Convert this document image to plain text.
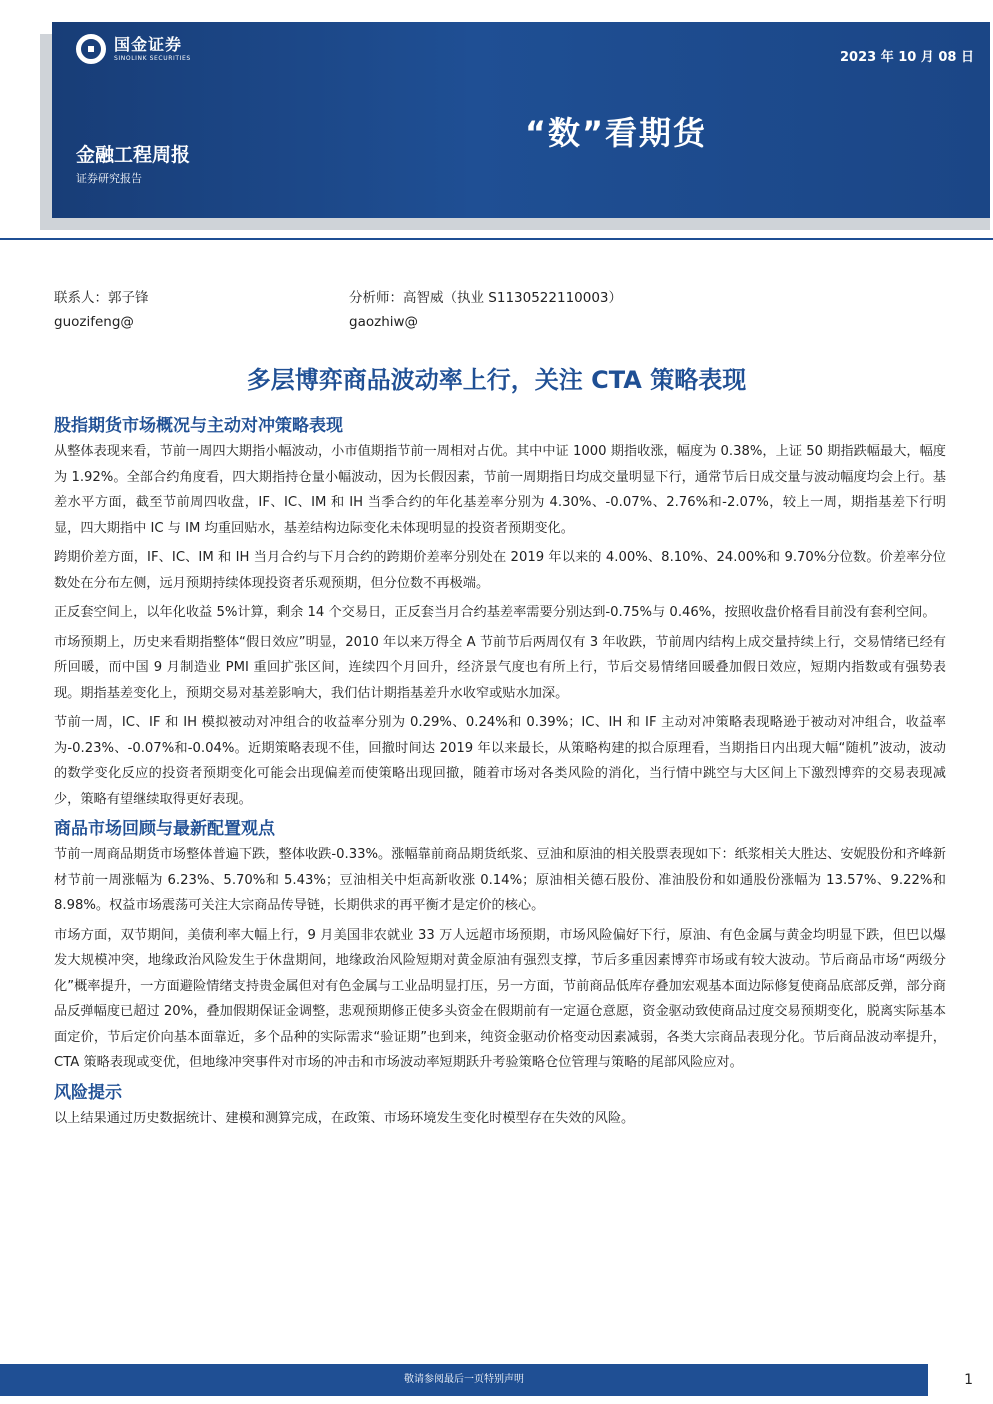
国金证券
SINOLINK SECURITIES	2023 年 10 月 08 日
“数”看期货
金融工程周报
证券研究报告
联系人：郭子锋
guozifeng@
分析师：高智威（执业 S1130522110003）
gaozhiw@
多层博弈商品波动率上行，关注 CTA 策略表现
股指期货市场概况与主动对冲策略表现

从整体表现来看，节前一周四大期指小幅波动，小市值期指节前一周相对占优。其中中证 1000 期指收涨，幅度为 0.38%，上证 50 期指跌幅最大，幅度为 1.92%。全部合约角度看，四大期指持仓量小幅波动，因为长假因素，节前一周期指日均成交量明显下行，通常节后日成交量与波动幅度均会上行。基差水平方面，截至节前周四收盘，IF、IC、IM 和 IH 当季合约的年化基差率分别为 4.30%、-0.07%、2.76%和-2.07%，较上一周，期指基差下行明显，四大期指中 IC 与 IM 均重回贴水，基差结构边际变化未体现明显的投资者预期变化。

跨期价差方面，IF、IC、IM 和 IH 当月合约与下月合约的跨期价差率分别处在 2019 年以来的 4.00%、8.10%、24.00%和 9.70%分位数。价差率分位数处在分布左侧，远月预期持续体现投资者乐观预期，但分位数不再极端。

正反套空间上，以年化收益 5%计算，剩余 14 个交易日，正反套当月合约基差率需要分别达到-0.75%与 0.46%，按照收盘价格看目前没有套利空间。

市场预期上，历史来看期指整体“假日效应”明显，2010 年以来万得全 A 节前节后两周仅有 3 年收跌，节前周内结构上成交量持续上行，交易情绪已经有所回暖，而中国 9 月制造业 PMI 重回扩张区间，连续四个月回升，经济景气度也有所上行，节后交易情绪回暖叠加假日效应，短期内指数或有强势表现。期指基差变化上，预期交易对基差影响大，我们估计期指基差升水收窄或贴水加深。

节前一周，IC、IF 和 IH 模拟被动对冲组合的收益率分别为 0.29%、0.24%和 0.39%；IC、IH 和 IF 主动对冲策略表现略逊于被动对冲组合，收益率为-0.23%、-0.07%和-0.04%。近期策略表现不佳，回撤时间达 2019 年以来最长，从策略构建的拟合原理看，当期指日内出现大幅“随机”波动，波动的数学变化反应的投资者预期变化可能会出现偏差而使策略出现回撤，随着市场对各类风险的消化，当行情中跳空与大区间上下激烈博弈的交易表现减少，策略有望继续取得更好表现。

商品市场回顾与最新配置观点

节前一周商品期货市场整体普遍下跌，整体收跌-0.33%。涨幅靠前商品期货纸浆、豆油和原油的相关股票表现如下：纸浆相关大胜达、安妮股份和齐峰新材节前一周涨幅为 6.23%、5.70%和 5.43%；豆油相关中炬高新收涨 0.14%；原油相关德石股份、准油股份和如通股份涨幅为 13.57%、9.22%和 8.98%。权益市场震荡可关注大宗商品传导链，长期供求的再平衡才是定价的核心。

市场方面，双节期间，美债利率大幅上行，9 月美国非农就业 33 万人远超市场预期，市场风险偏好下行，原油、有色金属与黄金均明显下跌，但巴以爆发大规模冲突，地缘政治风险发生于休盘期间，地缘政治风险短期对黄金原油有强烈支撑，节后多重因素博弈市场或有较大波动。节后商品市场“两级分化”概率提升，一方面避险情绪支持贵金属但对有色金属与工业品明显打压，另一方面，节前商品低库存叠加宏观基本面边际修复使商品底部反弹，部分商品反弹幅度已超过 20%，叠加假期保证金调整，悲观预期修正使多头资金在假期前有一定逼仓意愿，资金驱动致使商品过度交易预期变化，脱离实际基本面定价，节后定价向基本面靠近，多个品种的实际需求“验证期”也到来，纯资金驱动价格变动因素减弱，各类大宗商品表现分化。节后商品波动率提升，CTA 策略表现或变优，但地缘冲突事件对市场的冲击和市场波动率短期跃升考验策略仓位管理与策略的尾部风险应对。

风险提示

以上结果通过历史数据统计、建模和测算完成，在政策、市场环境发生变化时模型存在失效的风险。

敬请参阅最后一页特别声明	1
